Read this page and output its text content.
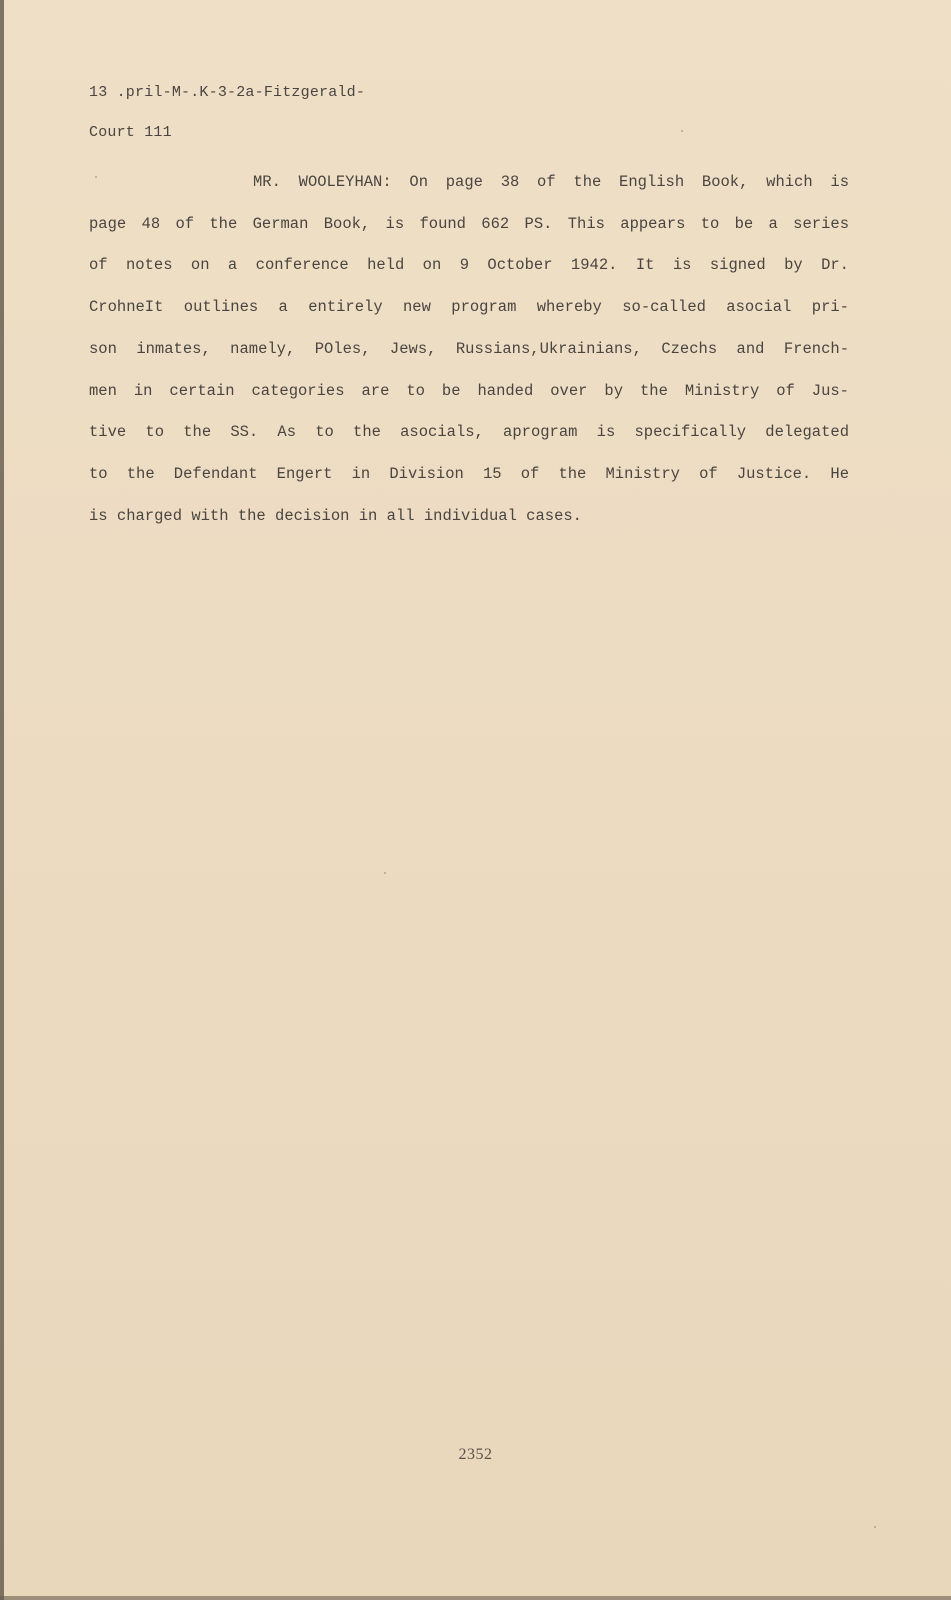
13 .pril-M-.K-3-2a-Fitzgerald-
Court 111
MR. WOOLEYHAN: On page 38 of the English Book, which is
page 48 of the German Book, is found 662 PS. This appears to be a series
of notes on a conference held on 9 October 1942. It is signed by Dr.
CrohneIt outlines a entirely new program whereby so-called asocial pri-
son inmates, namely, POles, Jews, Russians,Ukrainians, Czechs and French-
men in certain categories are to be handed over by the Ministry of Jus-
tive to the SS. As to the asocials, aprogram is specifically delegated
to the Defendant Engert in Division 15 of the Ministry of Justice. He
is charged with the decision in all individual cases.
2352
